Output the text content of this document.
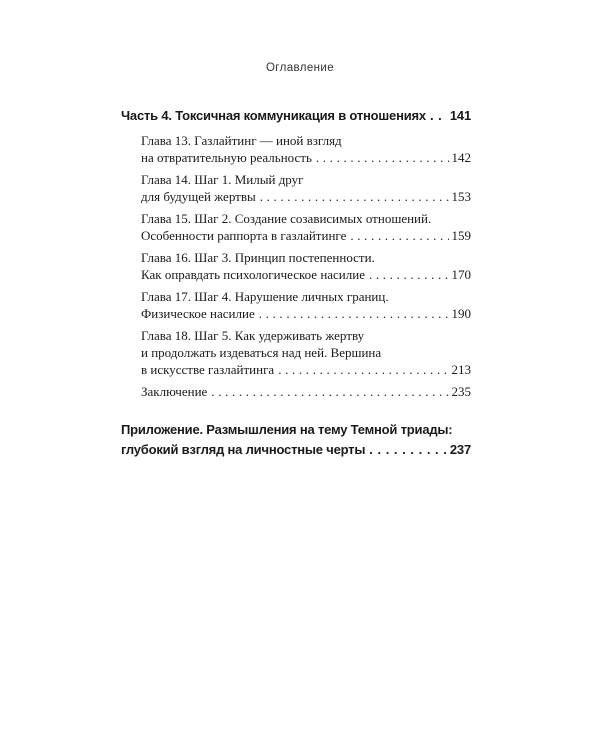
Оглавление
Часть 4. Токсичная коммуникация в отношениях . . . 141
Глава 13. Газлайтинг — иной взгляд
на отвратительную реальность . . .	142
Глава 14. Шаг 1. Милый друг
для будущей жертвы . . .	153
Глава 15. Шаг 2. Создание созависимых отношений.
Особенности раппорта в газлайтинге . . .	159
Глава 16. Шаг 3. Принцип постепенности.
Как оправдать психологическое насилие . . .	170
Глава 17. Шаг 4. Нарушение личных границ.
Физическое насилие . . .	190
Глава 18. Шаг 5. Как удерживать жертву
и продолжать издеваться над ней. Вершина
в искусстве газлайтинга . . .	213
Заключение . . .	235
Приложение. Размышления на тему Темной триады:
глубокий взгляд на личностные черты . . .	237
